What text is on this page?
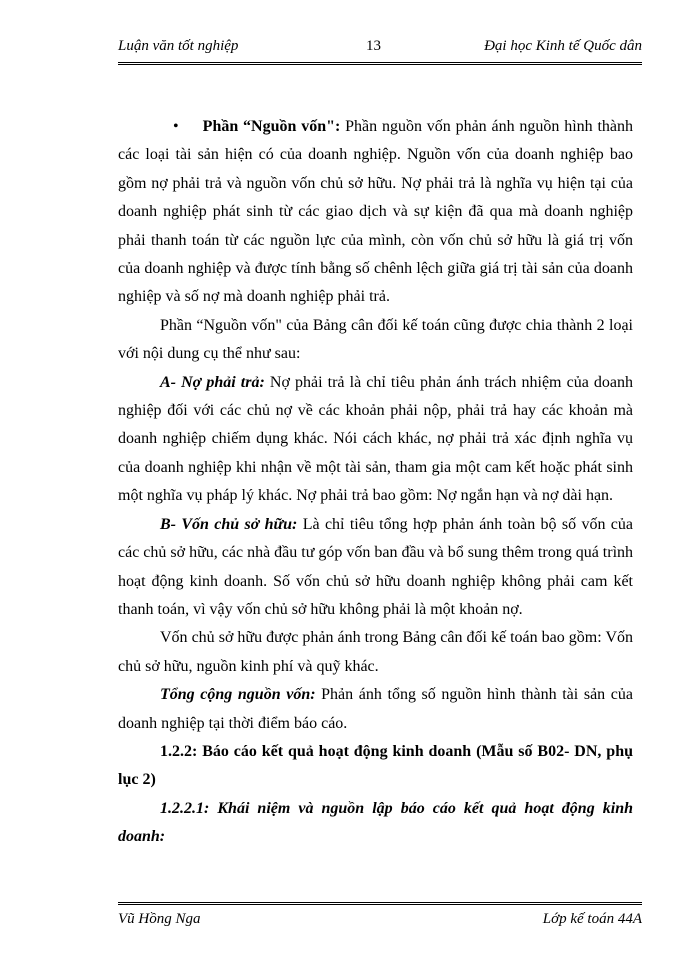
Luận văn tốt nghiệp	13	Đại học Kinh tế Quốc dân

• Phần “Nguồn vốn": Phần nguồn vốn phản ánh nguồn hình thành các loại tài sản hiện có của doanh nghiệp. Nguồn vốn của doanh nghiệp bao gồm nợ phải trả và nguồn vốn chủ sở hữu. Nợ phải trả là nghĩa vụ hiện tại của doanh nghiệp phát sinh từ các giao dịch và sự kiện đã qua mà doanh nghiệp phải thanh toán từ các nguồn lực của mình, còn vốn chủ sở hữu là giá trị vốn của doanh nghiệp và được tính bằng số chênh lệch giữa giá trị tài sản của doanh nghiệp và số nợ mà doanh nghiệp phải trả.

Phần “Nguồn vốn" của Bảng cân đối kế toán cũng được chia thành 2 loại với nội dung cụ thể như sau:

A- Nợ phải trả: Nợ phải trả là chỉ tiêu phản ánh trách nhiệm của doanh nghiệp đối với các chủ nợ về các khoản phải nộp, phải trả hay các khoản mà doanh nghiệp chiếm dụng khác. Nói cách khác, nợ phải trả xác định nghĩa vụ của doanh nghiệp khi nhận về một tài sản, tham gia một cam kết hoặc phát sinh một nghĩa vụ pháp lý khác. Nợ phải trả bao gồm: Nợ ngắn hạn và nợ dài hạn.

B- Vốn chủ sở hữu: Là chỉ tiêu tổng hợp phản ánh toàn bộ số vốn của các chủ sở hữu, các nhà đầu tư góp vốn ban đầu và bổ sung thêm trong quá trình hoạt động kinh doanh. Số vốn chủ sở hữu doanh nghiệp không phải cam kết thanh toán, vì vậy vốn chủ sở hữu không phải là một khoản nợ.

Vốn chủ sở hữu được phản ánh trong Bảng cân đối kế toán bao gồm: Vốn chủ sở hữu, nguồn kinh phí và quỹ khác.

Tổng cộng nguồn vốn: Phản ánh tổng số nguồn hình thành tài sản của doanh nghiệp tại thời điểm báo cáo.

1.2.2: Báo cáo kết quả hoạt động kinh doanh (Mẫu số B02- DN, phụ lục 2)

1.2.2.1: Khái niệm và nguồn lập báo cáo kết quả hoạt động kinh doanh:

Vũ Hồng Nga	Lớp kế toán 44A
